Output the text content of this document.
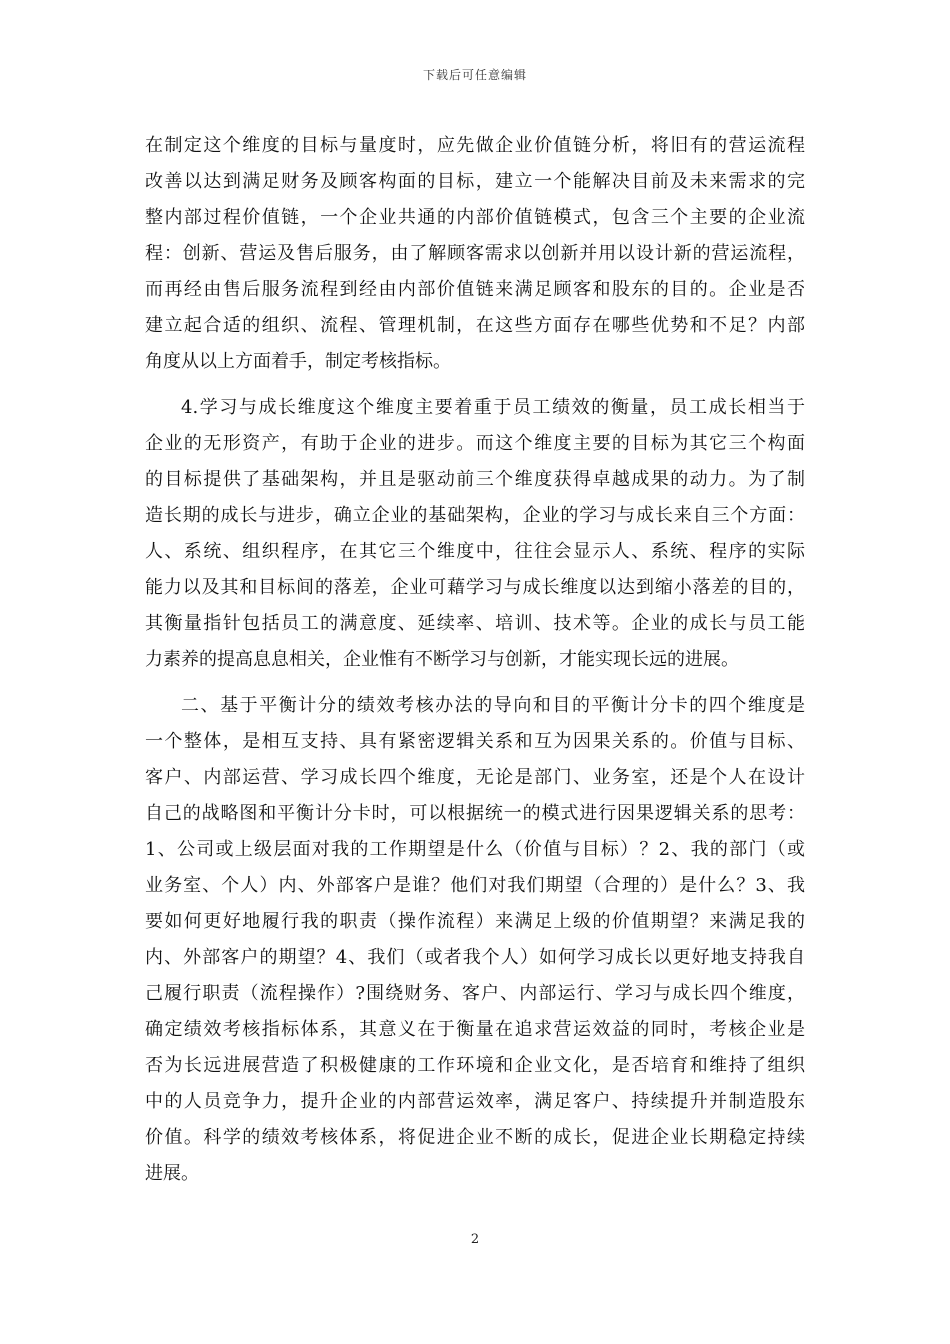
下载后可任意编辑
在制定这个维度的目标与量度时，应先做企业价值链分析，将旧有的营运流程
改善以达到满足财务及顾客构面的目标，建立一个能解决目前及未来需求的完
整内部过程价值链，一个企业共通的内部价值链模式，包含三个主要的企业流
程：创新、营运及售后服务，由了解顾客需求以创新并用以设计新的营运流程，
而再经由售后服务流程到经由内部价值链来满足顾客和股东的目的。企业是否
建立起合适的组织、流程、管理机制，在这些方面存在哪些优势和不足？内部
角度从以上方面着手，制定考核指标。
4.学习与成长维度这个维度主要着重于员工绩效的衡量，员工成长相当于
企业的无形资产，有助于企业的进步。而这个维度主要的目标为其它三个构面
的目标提供了基础架构，并且是驱动前三个维度获得卓越成果的动力。为了制
造长期的成长与进步，确立企业的基础架构，企业的学习与成长来自三个方面：
人、系统、组织程序，在其它三个维度中，往往会显示人、系统、程序的实际
能力以及其和目标间的落差，企业可藉学习与成长维度以达到缩小落差的目的，
其衡量指针包括员工的满意度、延续率、培训、技术等。企业的成长与员工能
力素养的提高息息相关，企业惟有不断学习与创新，才能实现长远的进展。
二、基于平衡计分的绩效考核办法的导向和目的平衡计分卡的四个维度是
一个整体，是相互支持、具有紧密逻辑关系和互为因果关系的。价值与目标、
客户、内部运营、学习成长四个维度，无论是部门、业务室，还是个人在设计
自己的战略图和平衡计分卡时，可以根据统一的模式进行因果逻辑关系的思考：
1、公司或上级层面对我的工作期望是什么（价值与目标）？2、我的部门（或
业务室、个人）内、外部客户是谁？他们对我们期望（合理的）是什么？3、我
要如何更好地履行我的职责（操作流程）来满足上级的价值期望？来满足我的
内、外部客户的期望？4、我们（或者我个人）如何学习成长以更好地支持我自
己履行职责（流程操作）?围绕财务、客户、内部运行、学习与成长四个维度，
确定绩效考核指标体系，其意义在于衡量在追求营运效益的同时，考核企业是
否为长远进展营造了积极健康的工作环境和企业文化，是否培育和维持了组织
中的人员竞争力，提升企业的内部营运效率，满足客户、持续提升并制造股东
价值。科学的绩效考核体系，将促进企业不断的成长，促进企业长期稳定持续
进展。
2
